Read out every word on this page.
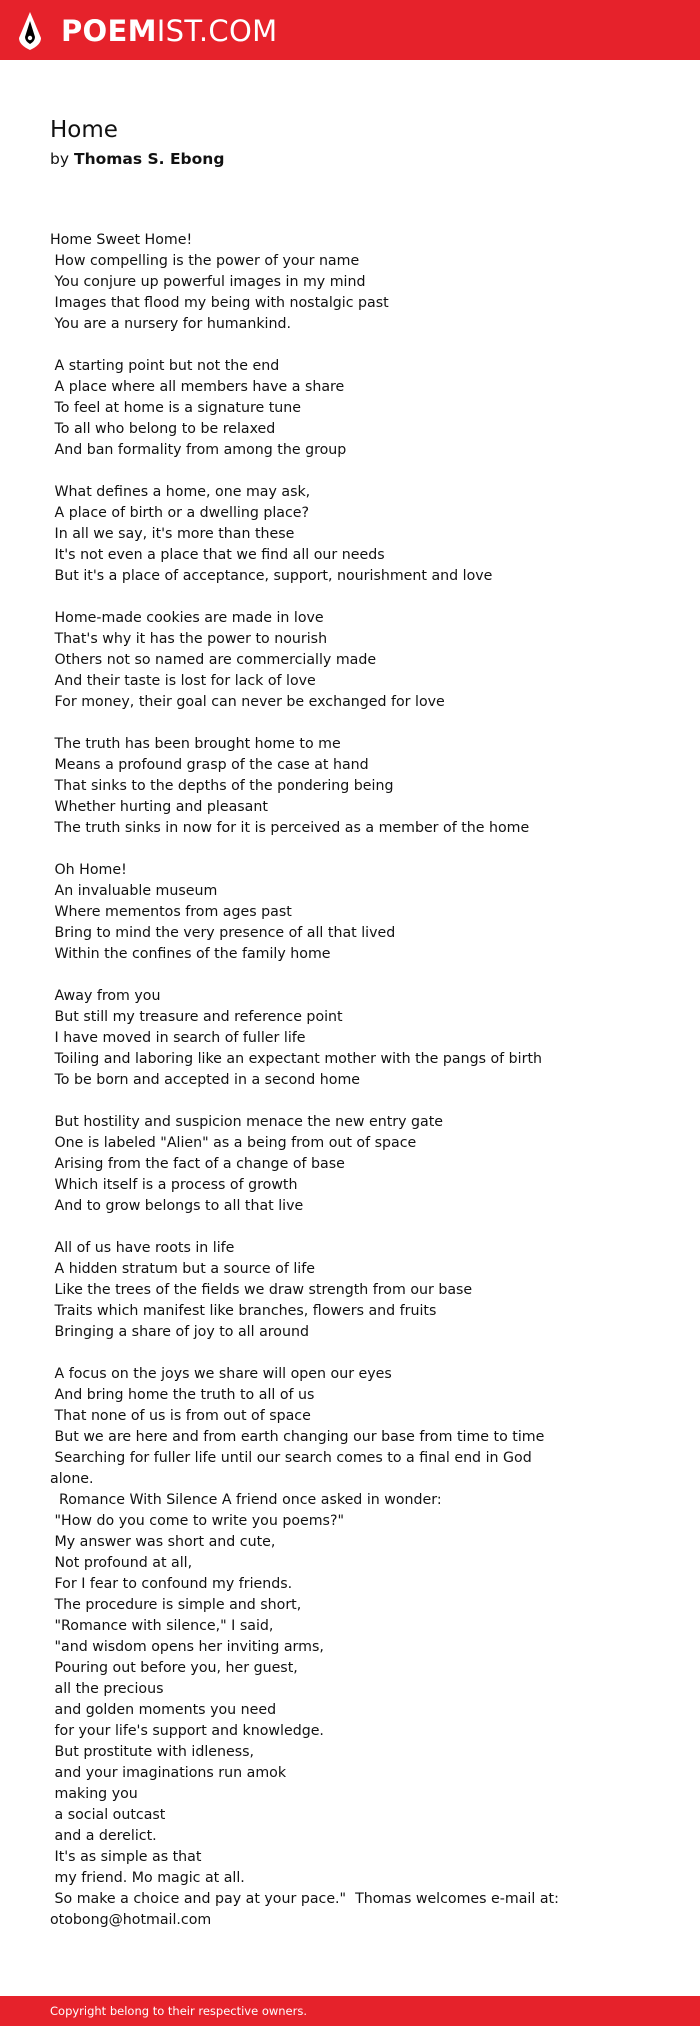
POEMIST.COM
Home

by Thomas S. Ebong

Home Sweet Home!
How compelling is the power of your name
You conjure up powerful images in my mind
Images that flood my being with nostalgic past
You are a nursery for humankind.

A starting point but not the end
A place where all members have a share
To feel at home is a signature tune
To all who belong to be relaxed
And ban formality from among the group

What defines a home, one may ask,
A place of birth or a dwelling place?
In all we say, it's more than these
It's not even a place that we find all our needs
But it's a place of acceptance, support, nourishment and love

Home-made cookies are made in love
That's why it has the power to nourish
Others not so named are commercially made
And their taste is lost for lack of love
For money, their goal can never be exchanged for love

The truth has been brought home to me
Means a profound grasp of the case at hand
That sinks to the depths of the pondering being
Whether hurting and pleasant
The truth sinks in now for it is perceived as a member of the home

Oh Home!
An invaluable museum
Where mementos from ages past
Bring to mind the very presence of all that lived
Within the confines of the family home

Away from you
But still my treasure and reference point
I have moved in search of fuller life
Toiling and laboring like an expectant mother with the pangs of birth
To be born and accepted in a second home

But hostility and suspicion menace the new entry gate
One is labeled "Alien" as a being from out of space
Arising from the fact of a change of base
Which itself is a process of growth
And to grow belongs to all that live

All of us have roots in life
A hidden stratum but a source of life
Like the trees of the fields we draw strength from our base
Traits which manifest like branches, flowers and fruits
Bringing a share of joy to all around

A focus on the joys we share will open our eyes
And bring home the truth to all of us
That none of us is from out of space
But we are here and from earth changing our base from time to time
Searching for fuller life until our search comes to a final end in God
alone.
Romance With Silence A friend once asked in wonder:
"How do you come to write you poems?"
My answer was short and cute,
Not profound at all,
For I fear to confound my friends.
The procedure is simple and short,
"Romance with silence," I said,
"and wisdom opens her inviting arms,
Pouring out before you, her guest,
all the precious
and golden moments you need
for your life's support and knowledge.
But prostitute with idleness,
and your imaginations run amok
making you
a social outcast
and a derelict.
It's as simple as that
my friend. Mo magic at all.
So make a choice and pay at your pace."  Thomas welcomes e-mail at:
otobong@hotmail.com

Copyright belong to their respective owners.
